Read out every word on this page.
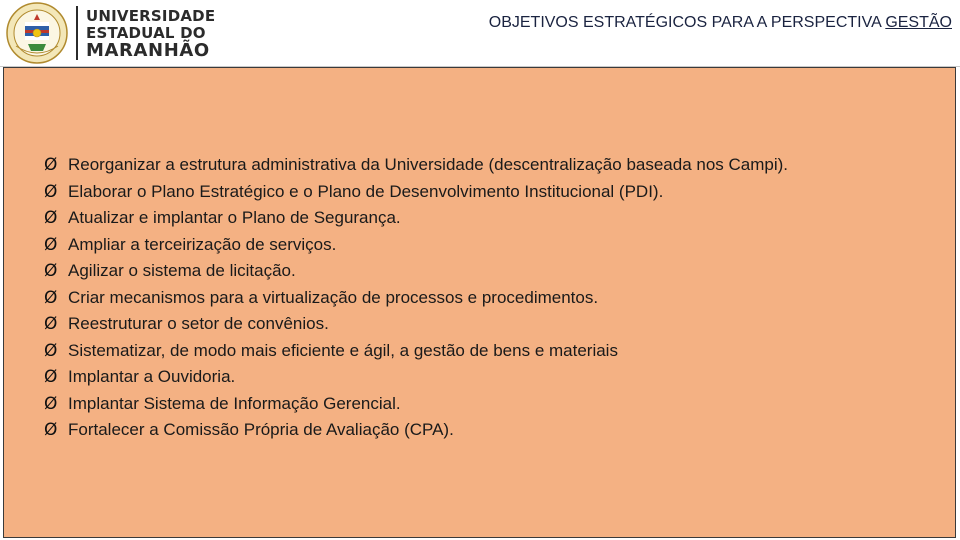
UNIVERSIDADE
ESTADUAL DO
MARANHÃO
OBJETIVOS ESTRATÉGICOS PARA A PERSPECTIVA GESTÃO
Ø Reorganizar a estrutura administrativa da Universidade (descentralização baseada nos Campi).
Ø Elaborar o Plano Estratégico e o Plano de Desenvolvimento Institucional (PDI).
Ø Atualizar e implantar o Plano de Segurança.
Ø Ampliar a terceirização de serviços.
Ø Agilizar o sistema de licitação.
Ø Criar mecanismos para a virtualização de processos e procedimentos.
Ø Reestruturar o setor de convênios.
Ø Sistematizar, de modo mais eficiente e ágil, a gestão de bens e materiais
Ø Implantar a Ouvidoria.
Ø Implantar Sistema de Informação Gerencial.
Ø Fortalecer a Comissão Própria de Avaliação (CPA).
